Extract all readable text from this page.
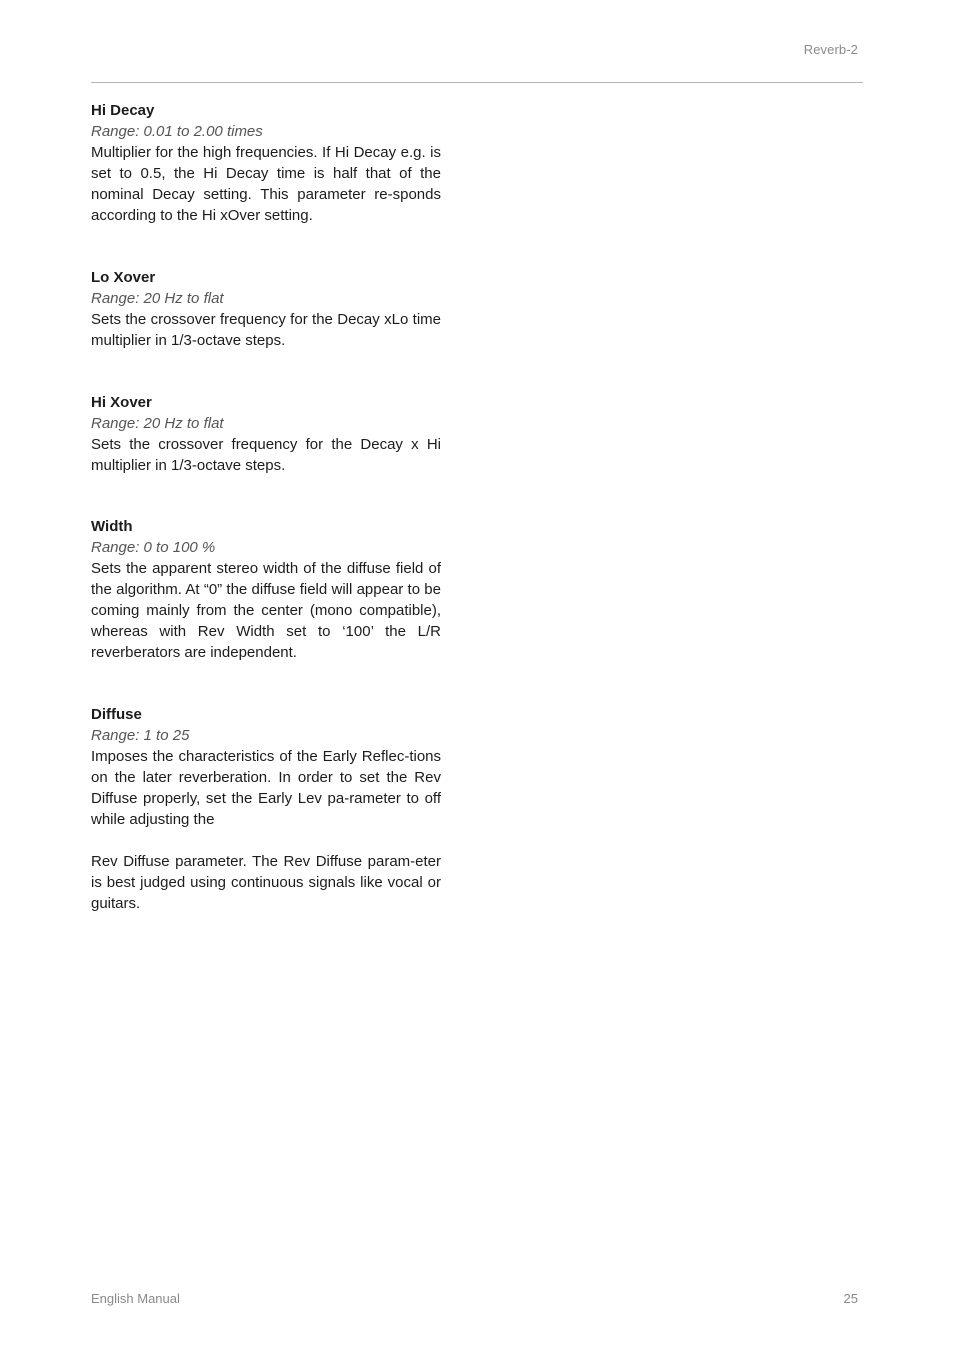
Reverb-2

Hi Decay

Range: 0.01 to 2.00 times

Multiplier for the high frequencies. If Hi Decay e.g. is set to 0.5, the Hi Decay time is half that of the nominal Decay setting. This parameter re-sponds according to the Hi xOver setting.

Lo Xover

Range: 20 Hz to flat

Sets the crossover frequency for the Decay xLo time multiplier in 1/3-octave steps.

Hi Xover

Range: 20 Hz to flat

Sets the crossover frequency for the Decay x Hi multiplier in 1/3-octave steps.

Width

Range: 0 to 100 %

Sets the apparent stereo width of the diffuse field of the algorithm. At “0” the diffuse field will appear to be coming mainly from the center (mono compatible), whereas with Rev Width set to ‘100’ the L/R reverberators are independent.

Diffuse

Range: 1 to 25

Imposes the characteristics of the Early Reflec-tions on the later reverberation. In order to set the Rev Diffuse properly, set the Early Lev pa-rameter to off while adjusting the

Rev Diffuse parameter. The Rev Diffuse param-eter is best judged using continuous signals like vocal or guitars.

English Manual	25
